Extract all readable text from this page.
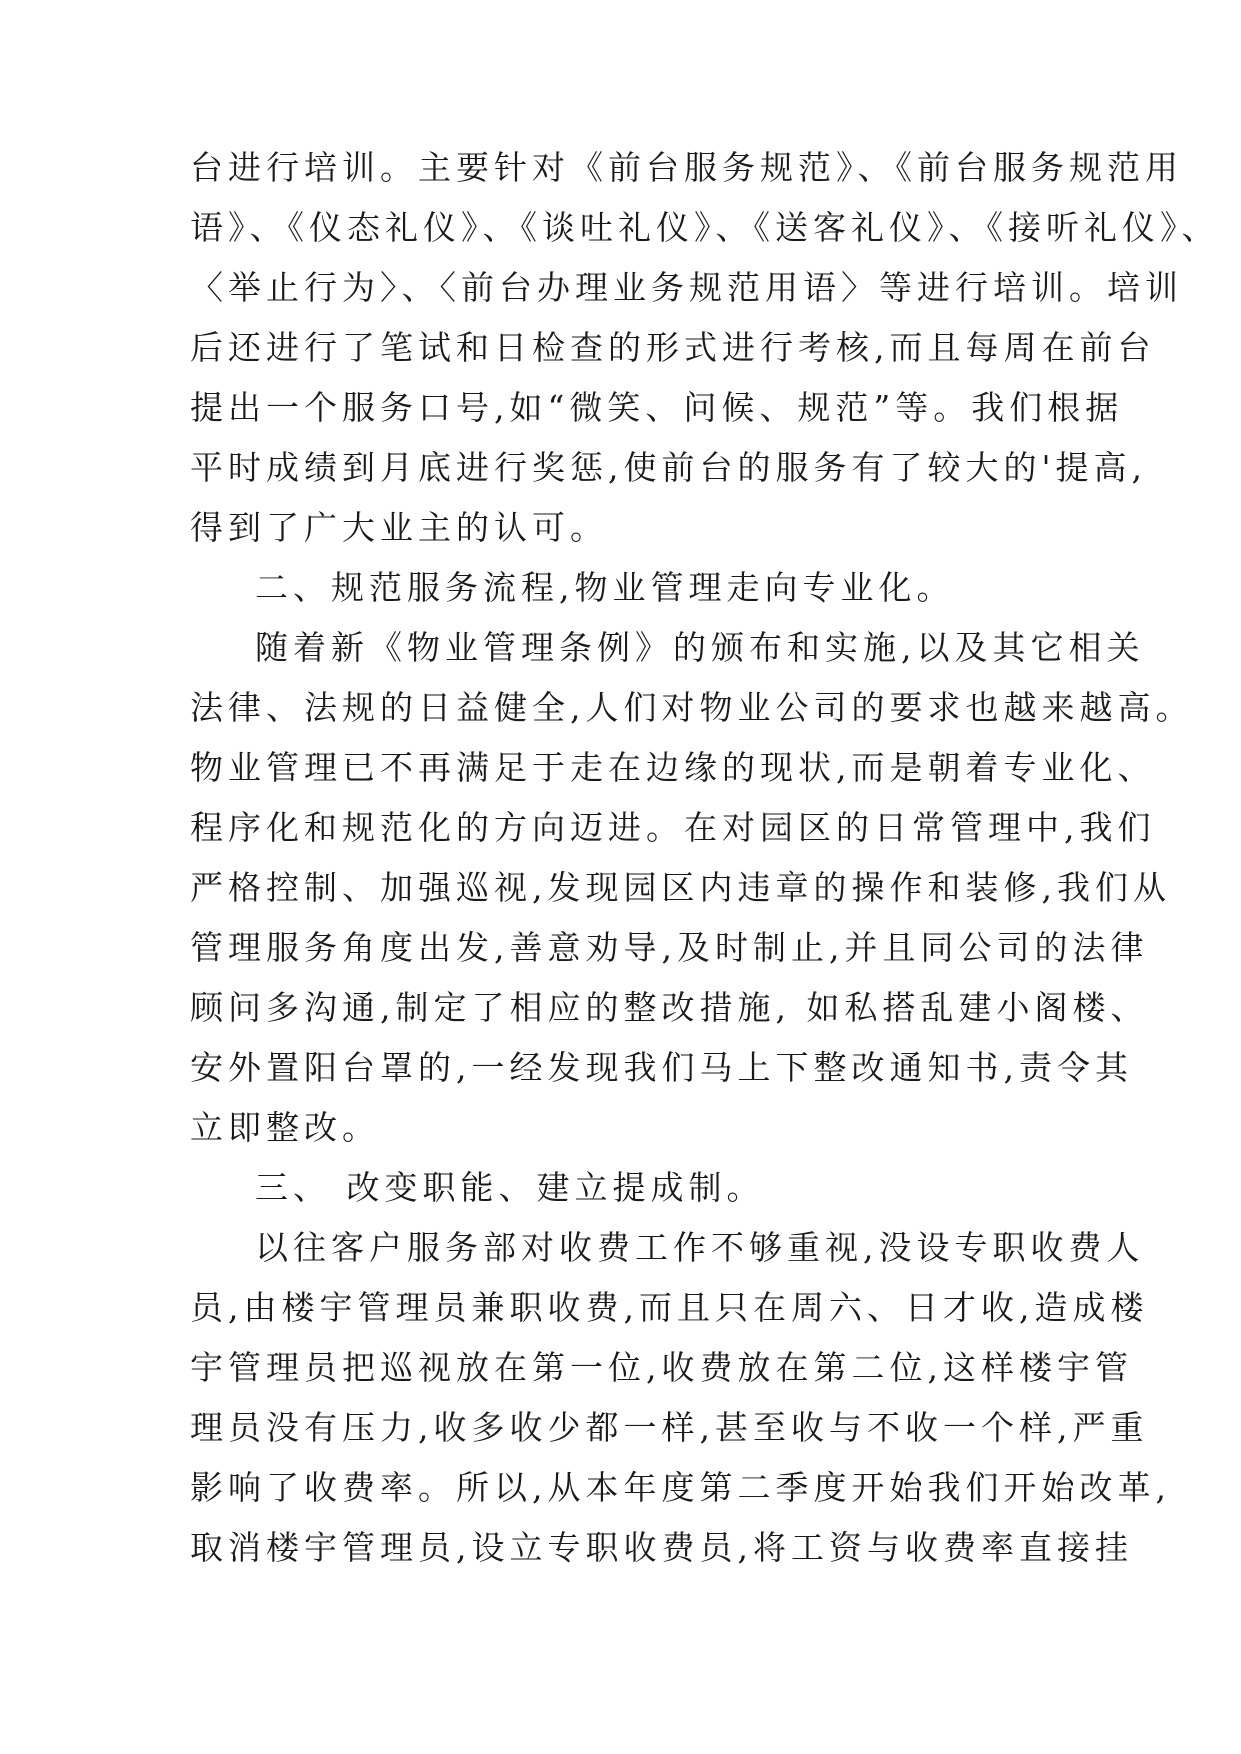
台进行培训。主要针对《前台服务规范》、《前台服务规范用
语》、《仪态礼仪》、《谈吐礼仪》、《送客礼仪》、《接听礼仪》、
〈举止行为〉、〈前台办理业务规范用语〉等进行培训。培训
后还进行了笔试和日检查的形式进行考核,而且每周在前台
提出一个服务口号,如“微笑、问候、规范”等。我们根据
平时成绩到月底进行奖惩,使前台的服务有了较大的'提高,
得到了广大业主的认可。
二、规范服务流程,物业管理走向专业化。
随着新《物业管理条例》的颁布和实施,以及其它相关
法律、法规的日益健全,人们对物业公司的要求也越来越高。
物业管理已不再满足于走在边缘的现状,而是朝着专业化、
程序化和规范化的方向迈进。在对园区的日常管理中,我们
严格控制、加强巡视,发现园区内违章的操作和装修,我们从
管理服务角度出发,善意劝导,及时制止,并且同公司的法律
顾问多沟通,制定了相应的整改措施, 如私搭乱建小阁楼、
安外置阳台罩的,一经发现我们马上下整改通知书,责令其
立即整改。
三、 改变职能、建立提成制。
以往客户服务部对收费工作不够重视,没设专职收费人
员,由楼宇管理员兼职收费,而且只在周六、日才收,造成楼
宇管理员把巡视放在第一位,收费放在第二位,这样楼宇管
理员没有压力,收多收少都一样,甚至收与不收一个样,严重
影响了收费率。所以,从本年度第二季度开始我们开始改革,
取消楼宇管理员,设立专职收费员,将工资与收费率直接挂
